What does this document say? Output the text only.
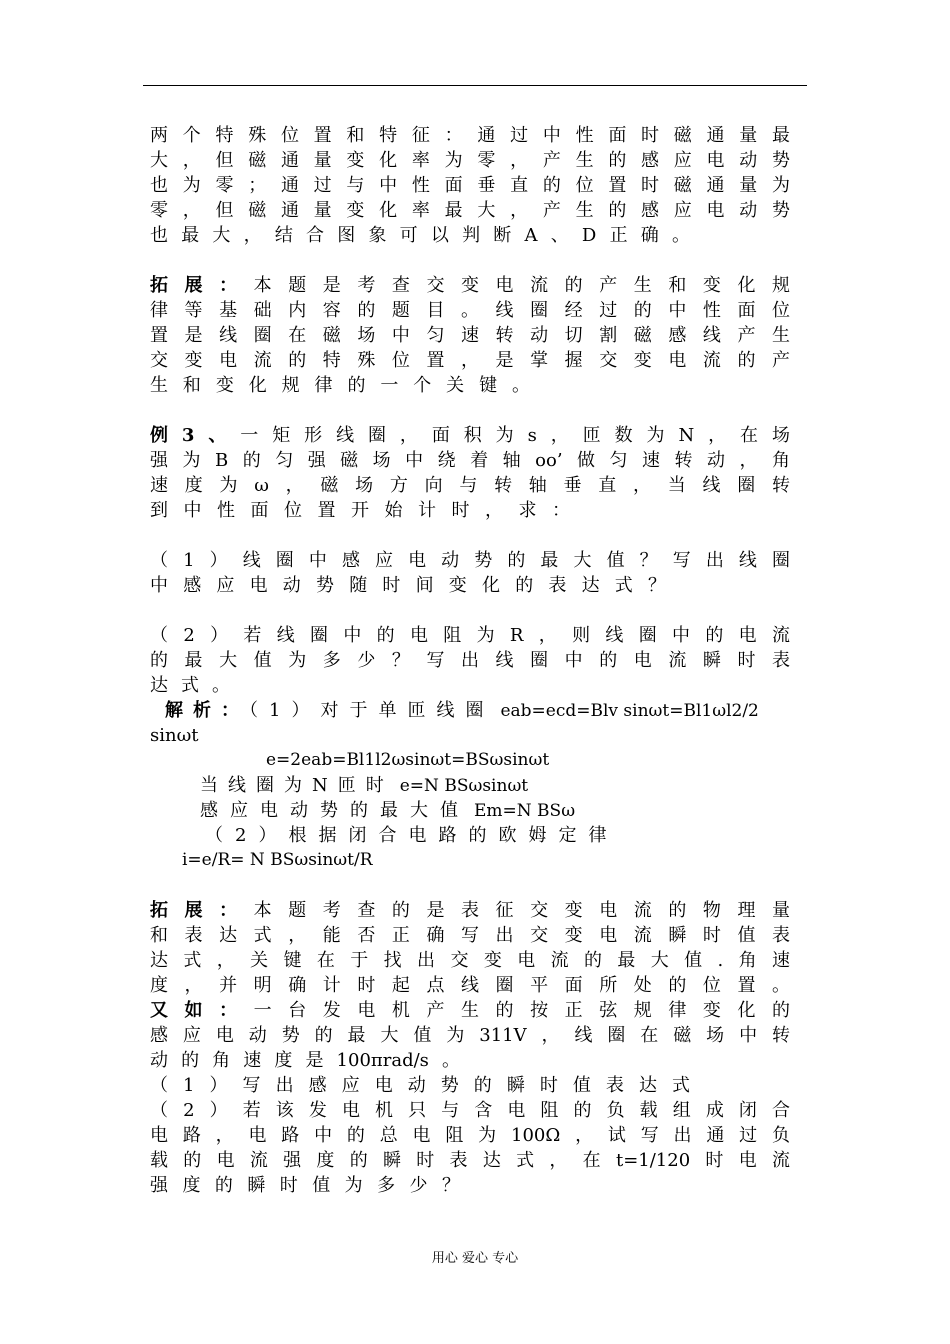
两个特殊位置和特征：通过中性面时磁通量最
大，但磁通量变化率为零，产生的感应电动势
也为零；通过与中性面垂直的位置时磁通量为
零，但磁通量变化率最大，产生的感应电动势
也最大，结合图象可以判断A、D正确。
拓展：本题是考查交变电流的产生和变化规
律等基础内容的题目。线圈经过的中性面位
置是线圈在磁场中匀速转动切割磁感线产生
交变电流的特殊位置，是掌握交变电流的产
生和变化规律的一个关键。
例3、一矩形线圈，面积为s，匝数为N，在场
强为B的匀强磁场中绕着轴oo’做匀速转动，角
速度为ω，磁场方向与转轴垂直，当线圈转
到中性面位置开始计时，求：
（1）线圈中感应电动势的最大值？写出线圈
中感应电动势随时间变化的表达式？
（2）若线圈中的电阻为R，则线圈中的电流
的最大值为多少？写出线圈中的电流瞬时表
达式。
解析：（1）对于单匝线圈 eab=ecd=Blv sinωt=Bl1ωl2/2
sinωt
e=2eab=Bl1l2ωsinωt=BSωsinωt
当线圈为N匝时 e=N BSωsinωt
感应电动势的最大值 Em=N BSω
（2）根据闭合电路的欧姆定律
i=e/R= N BSωsinωt/R
拓展：本题考查的是表征交变电流的物理量
和表达式，能否正确写出交变电流瞬时值表
达式，关键在于找出交变电流的最大值.角速
度，并明确计时起点线圈平面所处的位置。
又如：一台发电机产生的按正弦规律变化的
感应电动势的最大值为311V，线圈在磁场中转
动的角速度是100πrad/s。
（1）写出感应电动势的瞬时值表达式
（2）若该发电机只与含电阻的负载组成闭合
电路，电路中的总电阻为100Ω，试写出通过负
载的电流强度的瞬时表达式，在t=1/120时电流
强度的瞬时值为多少？
用心 爱心 专心
